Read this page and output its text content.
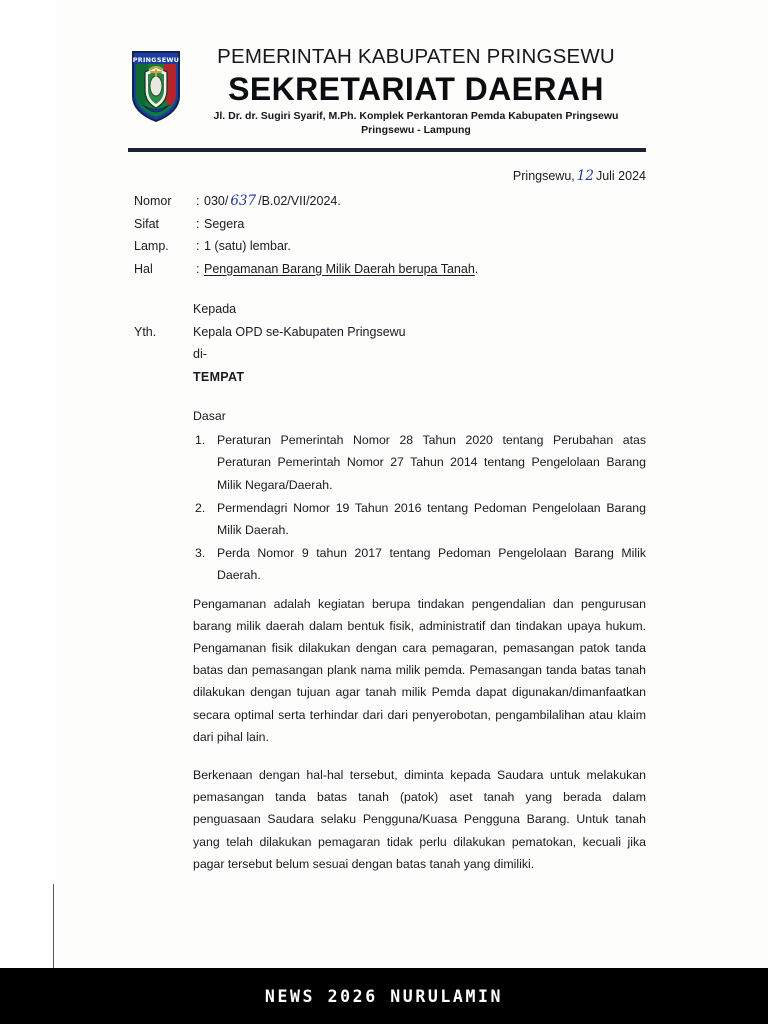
PRINGSEWU	PEMERINTAH KABUPATEN PRINGSEWU
SEKRETARIAT DAERAH
Jl. Dr. dr. Sugiri Syarif, M.Ph. Komplek Perkantoran Pemda Kabupaten Pringsewu
Pringsewu - Lampung
Pringsewu, 12 Juli 2024
Nomor	: 030/ 637 /B.02/VII/2024.
Sifat	: Segera
Lamp.	: 1 (satu) lembar.
Hal	: Pengamanan Barang Milik Daerah berupa Tanah.
Kepada
Yth.	Kepala OPD se-Kabupaten Pringsewu
di-
TEMPAT
Dasar
1. Peraturan Pemerintah Nomor 28 Tahun 2020 tentang Perubahan atas Peraturan Pemerintah Nomor 27 Tahun 2014 tentang Pengelolaan Barang Milik Negara/Daerah.
2. Permendagri Nomor 19 Tahun 2016 tentang Pedoman Pengelolaan Barang Milik Daerah.
3. Perda Nomor 9 tahun 2017 tentang Pedoman Pengelolaan Barang Milik Daerah.

Pengamanan adalah kegiatan berupa tindakan pengendalian dan pengurusan barang milik daerah dalam bentuk fisik, administratif dan tindakan upaya hukum. Pengamanan fisik dilakukan dengan cara pemagaran, pemasangan patok tanda batas dan pemasangan plank nama milik pemda. Pemasangan tanda batas tanah dilakukan dengan tujuan agar tanah milik Pemda dapat digunakan/dimanfaatkan secara optimal serta terhindar dari dari penyerobotan, pengambilalihan atau klaim dari pihal lain.

Berkenaan dengan hal-hal tersebut, diminta kepada Saudara untuk melakukan pemasangan tanda batas tanah (patok) aset tanah yang berada dalam penguasaan Saudara selaku Pengguna/Kuasa Pengguna Barang. Untuk tanah yang telah dilakukan pemagaran tidak perlu dilakukan pematokan, kecuali jika pagar tersebut belum sesuai dengan batas tanah yang dimiliki.

NEWS 2026 NURULAMIN
